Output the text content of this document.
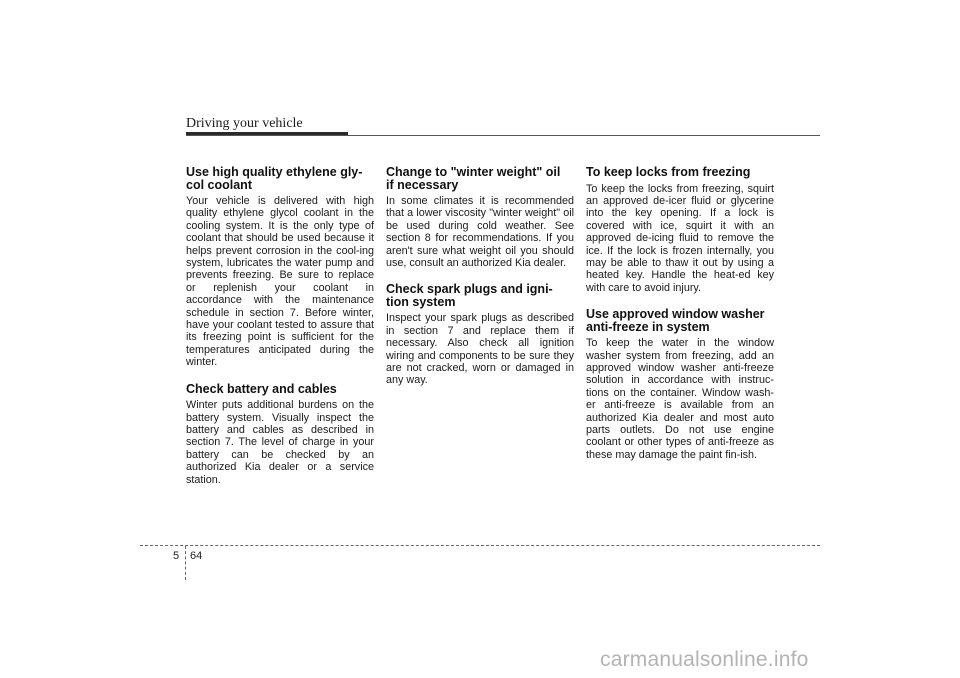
Driving your vehicle
Use high quality ethylene gly-
col coolant

Your vehicle is delivered with high quality ethylene glycol coolant in the cooling system. It is the only type of coolant that should be used because it helps prevent corrosion in the cool-ing system, lubricates the water pump and prevents freezing. Be sure to replace or replenish your coolant in accordance with the maintenance schedule in section 7. Before winter, have your coolant tested to assure that its freezing point is sufficient for the temperatures anticipated during the winter.

Check battery and cables

Winter puts additional burdens on the battery system. Visually inspect the battery and cables as described in section 7. The level of charge in your battery can be checked by an authorized Kia dealer or a service station.

Change to "winter weight" oil
if necessary

In some climates it is recommended that a lower viscosity "winter weight" oil be used during cold weather. See section 8 for recommendations. If you aren't sure what weight oil you should use, consult an authorized Kia dealer.

Check spark plugs and igni-
tion system

Inspect your spark plugs as described in section 7 and replace them if necessary. Also check all ignition wiring and components to be sure they are not cracked, worn or damaged in any way.

To keep locks from freezing

To keep the locks from freezing, squirt an approved de-icer fluid or glycerine into the key opening. If a lock is covered with ice, squirt it with an approved de-icing fluid to remove the ice. If the lock is frozen internally, you may be able to thaw it out by using a heated key. Handle the heat-ed key with care to avoid injury.

Use approved window washer
anti-freeze in system

To keep the water in the window washer system from freezing, add an approved window washer anti-freeze solution in accordance with instruc-tions on the container. Window wash-er anti-freeze is available from an authorized Kia dealer and most auto parts outlets. Do not use engine coolant or other types of anti-freeze as these may damage the paint fin-ish.

5 64
carmanualsonline.info
